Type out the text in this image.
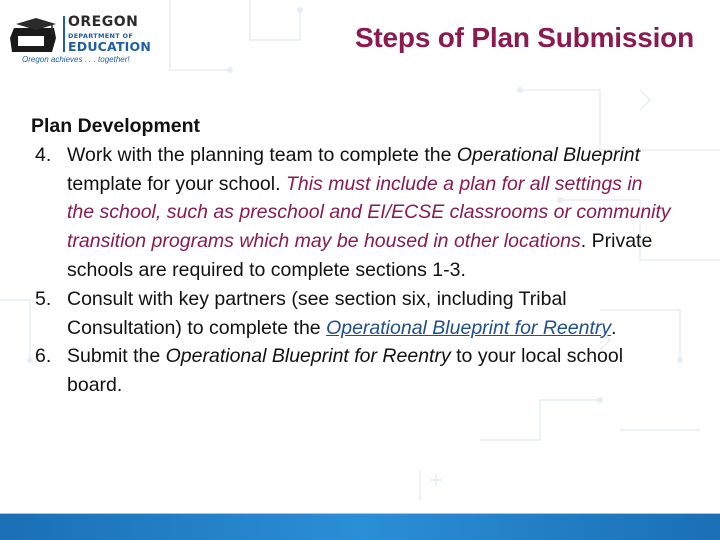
OREGON
DEPARTMENT OF
EDUCATION
Oregon achieves . . . together!
Steps of Plan Submission

Plan Development

4. Work with the planning team to complete the Operational Blueprint template for your school. This must include a plan for all settings in the school, such as preschool and EI/ECSE classrooms or community transition programs which may be housed in other locations. Private schools are required to complete sections 1-3.
5. Consult with key partners (see section six, including Tribal Consultation) to complete the Operational Blueprint for Reentry.
6. Submit the Operational Blueprint for Reentry to your local school board.
